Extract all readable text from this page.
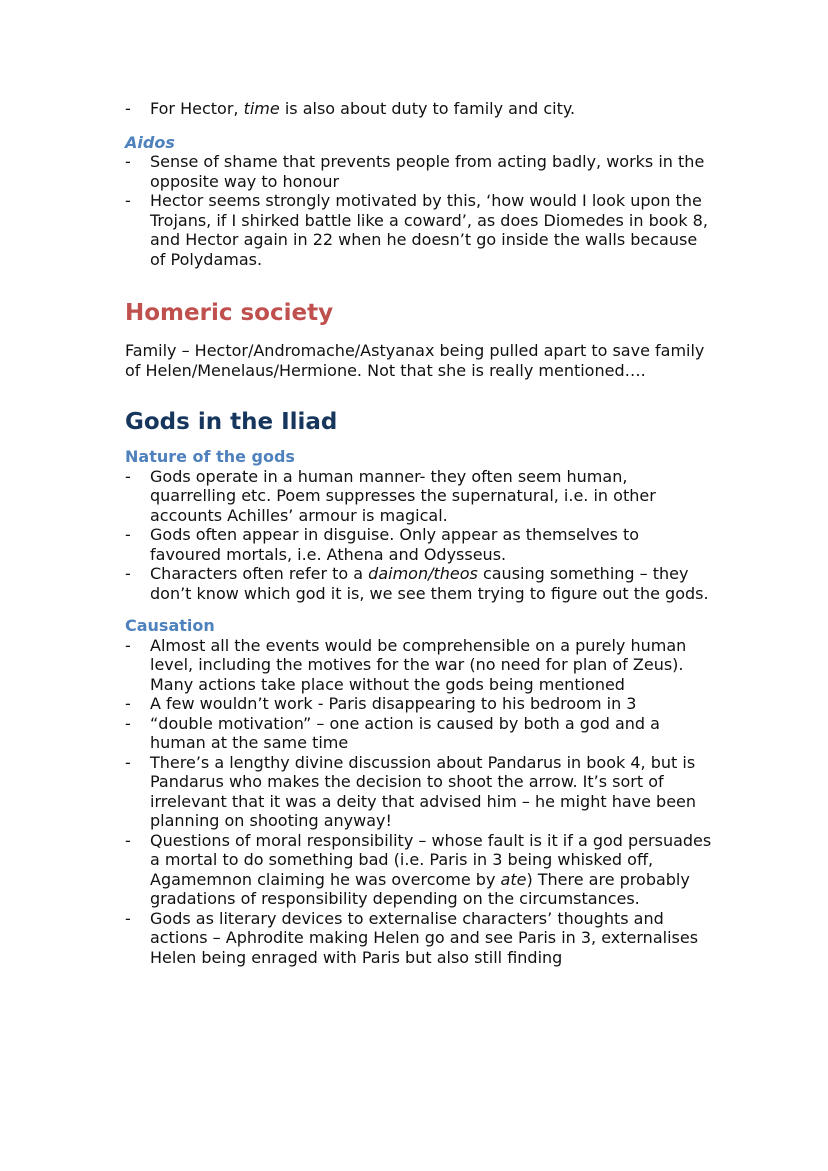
- For Hector, time is also about duty to family and city.
Aidos
- Sense of shame that prevents people from acting badly, works in the opposite way to honour
- Hector seems strongly motivated by this, ‘how would I look upon the Trojans, if I shirked battle like a coward’, as does Diomedes in book 8, and Hector again in 22 when he doesn’t go inside the walls because of Polydamas.
Homeric society

Family – Hector/Andromache/Astyanax being pulled apart to save family of Helen/Menelaus/Hermione. Not that she is really mentioned….

Gods in the Iliad
Nature of the gods
- Gods operate in a human manner- they often seem human, quarrelling etc. Poem suppresses the supernatural, i.e. in other accounts Achilles’ armour is magical.
- Gods often appear in disguise. Only appear as themselves to favoured mortals, i.e. Athena and Odysseus.
- Characters often refer to a daimon/theos causing something – they don’t know which god it is, we see them trying to figure out the gods.
Causation
- Almost all the events would be comprehensible on a purely human level, including the motives for the war (no need for plan of Zeus). Many actions take place without the gods being mentioned
- A few wouldn’t work - Paris disappearing to his bedroom in 3
- “double motivation” – one action is caused by both a god and a human at the same time
- There’s a lengthy divine discussion about Pandarus in book 4, but is Pandarus who makes the decision to shoot the arrow. It’s sort of irrelevant that it was a deity that advised him – he might have been planning on shooting anyway!
- Questions of moral responsibility – whose fault is it if a god persuades a mortal to do something bad (i.e. Paris in 3 being whisked off, Agamemnon claiming he was overcome by ate) There are probably gradations of responsibility depending on the circumstances.
- Gods as literary devices to externalise characters’ thoughts and actions – Aphrodite making Helen go and see Paris in 3, externalises Helen being enraged with Paris but also still finding
